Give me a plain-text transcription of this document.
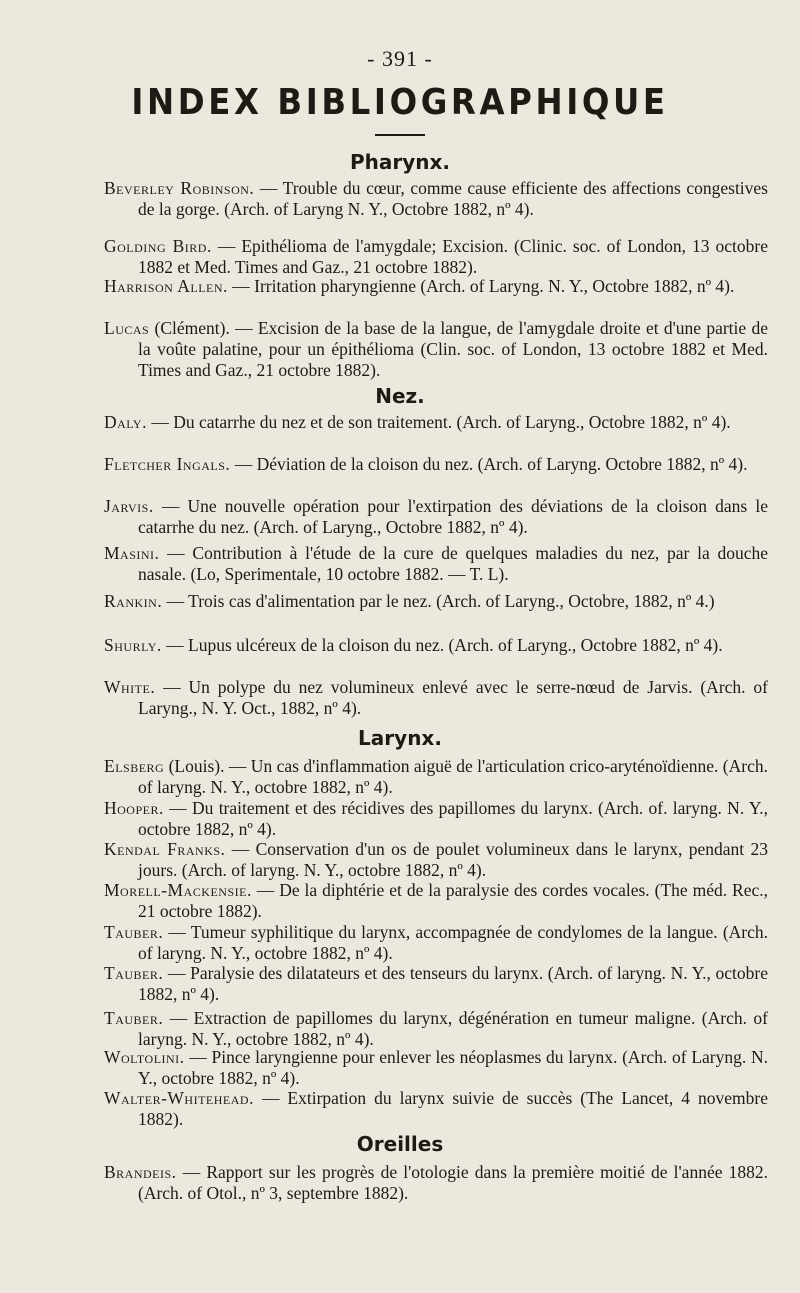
- 391 -
INDEX BIBLIOGRAPHIQUE
Pharynx.
Beverley Robinson. — Trouble du cœur, comme cause efficiente des affections congestives de la gorge. (Arch. of Laryng N. Y., Octobre 1882, nº 4).
Golding Bird. — Epithélioma de l'amygdale; Excision. (Clinic. soc. of London, 13 octobre 1882 et Med. Times and Gaz., 21 octobre 1882).
Harrison Allen. — Irritation pharyngienne (Arch. of Laryng. N. Y., Octobre 1882, nº 4).
Lucas (Clément). — Excision de la base de la langue, de l'amygdale droite et d'une partie de la voûte palatine, pour un épithélioma (Clin. soc. of London, 13 octobre 1882 et Med. Times and Gaz., 21 octobre 1882).
Nez.
Daly. — Du catarrhe du nez et de son traitement. (Arch. of Laryng., Octobre 1882, nº 4).
Fletcher Ingals. — Déviation de la cloison du nez. (Arch. of Laryng. Octobre 1882, nº 4).
Jarvis. — Une nouvelle opération pour l'extirpation des déviations de la cloison dans le catarrhe du nez. (Arch. of Laryng., Octobre 1882, nº 4).
Masini. — Contribution à l'étude de la cure de quelques maladies du nez, par la douche nasale. (Lo, Sperimentale, 10 octobre 1882. — T. L).
Rankin. — Trois cas d'alimentation par le nez. (Arch. of Laryng., Octobre, 1882, nº 4.)
Shurly. — Lupus ulcéreux de la cloison du nez. (Arch. of Laryng., Octobre 1882, nº 4).
White. — Un polype du nez volumineux enlevé avec le serre-nœud de Jarvis. (Arch. of Laryng., N. Y. Oct., 1882, nº 4).
Larynx.
Elsberg (Louis). — Un cas d'inflammation aiguë de l'articulation crico-aryténoïdienne. (Arch. of laryng. N. Y., octobre 1882, nº 4).
Hooper. — Du traitement et des récidives des papillomes du larynx. (Arch. of. laryng. N. Y., octobre 1882, nº 4).
Kendal Franks. — Conservation d'un os de poulet volumineux dans le larynx, pendant 23 jours. (Arch. of laryng. N. Y., octobre 1882, nº 4).
Morell-Mackensie. — De la diphtérie et de la paralysie des cordes vocales. (The méd. Rec., 21 octobre 1882).
Tauber. — Tumeur syphilitique du larynx, accompagnée de condylomes de la langue. (Arch. of laryng. N. Y., octobre 1882, nº 4).
Tauber. — Paralysie des dilatateurs et des tenseurs du larynx. (Arch. of laryng. N. Y., octobre 1882, nº 4).
Tauber. — Extraction de papillomes du larynx, dégénération en tumeur maligne. (Arch. of laryng. N. Y., octobre 1882, nº 4).
Woltolini. — Pince laryngienne pour enlever les néoplasmes du larynx. (Arch. of Laryng. N. Y., octobre 1882, nº 4).
Walter-Whitehead. — Extirpation du larynx suivie de succès (The Lancet, 4 novembre 1882).
Oreilles
Brandeis. — Rapport sur les progrès de l'otologie dans la première moitié de l'année 1882. (Arch. of Otol., nº 3, septembre 1882).
